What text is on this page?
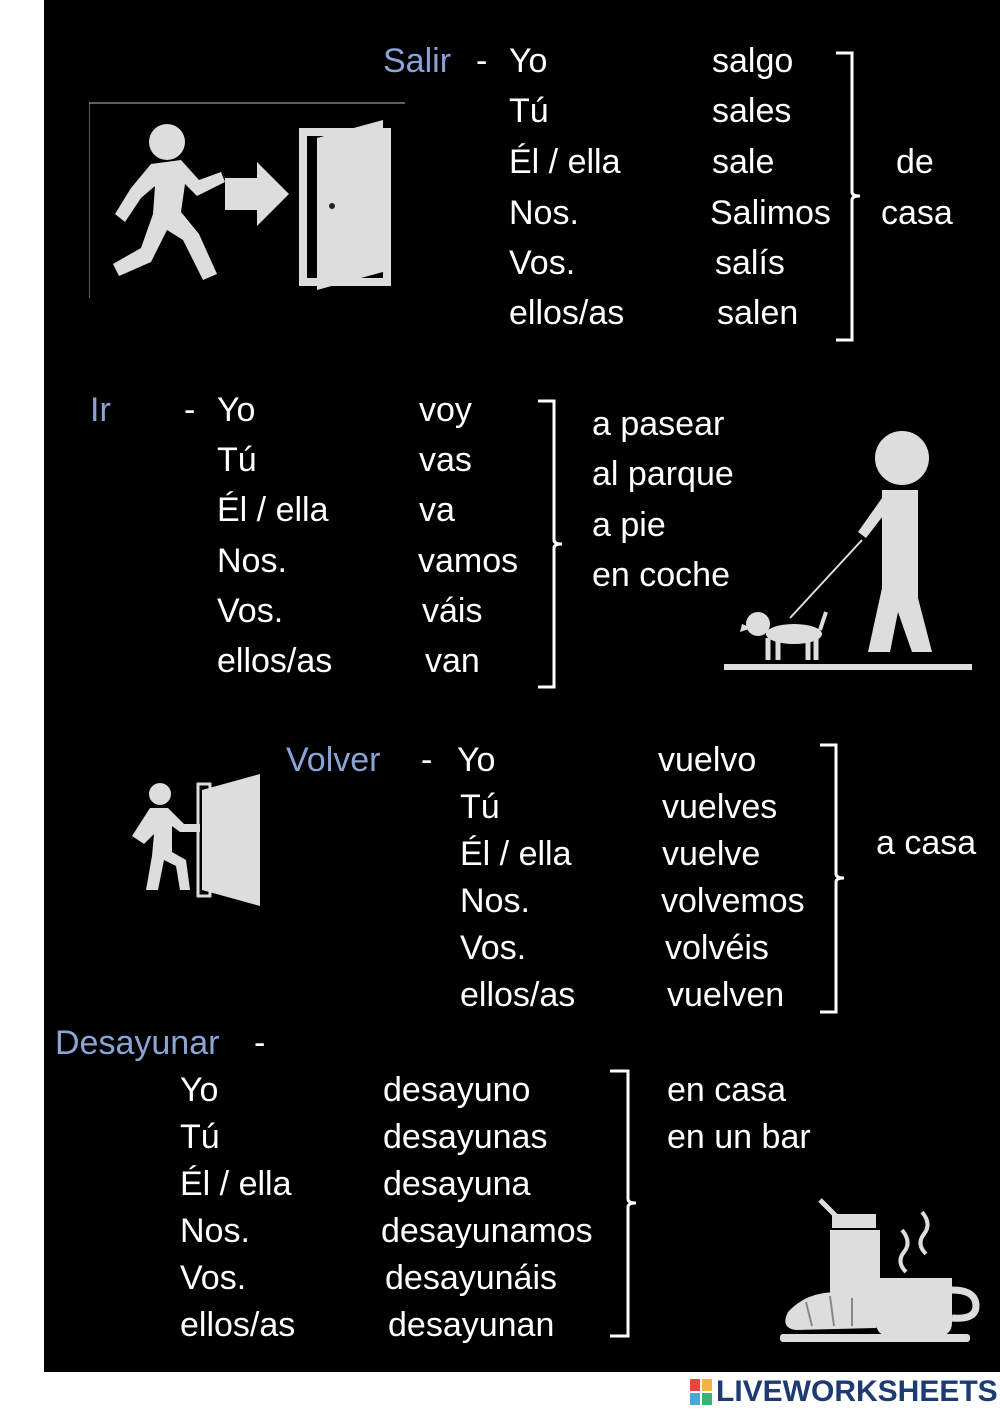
Salir - Yo
Tú
Él / ella
Nos.
Vos.
ellos/as
salgo
sales
sale
Salimos
salís
salen
de
casa
Ir - Yo
Tú
Él / ella
Nos.
Vos.
ellos/as
voy
vas
va
vamos
váis
van
a pasear
al parque
a pie
en coche
Volver - Yo
Tú
Él / ella
Nos.
Vos.
ellos/as
vuelvo
vuelves
vuelve
volvemos
volvéis
vuelven
a casa
Desayunar -
Yo
Tú
Él / ella
Nos.
Vos.
ellos/as
desayuno
desayunas
desayuna
desayunamos
desayunáis
desayunan
en casa
en un bar
LIVEWORKSHEETS
